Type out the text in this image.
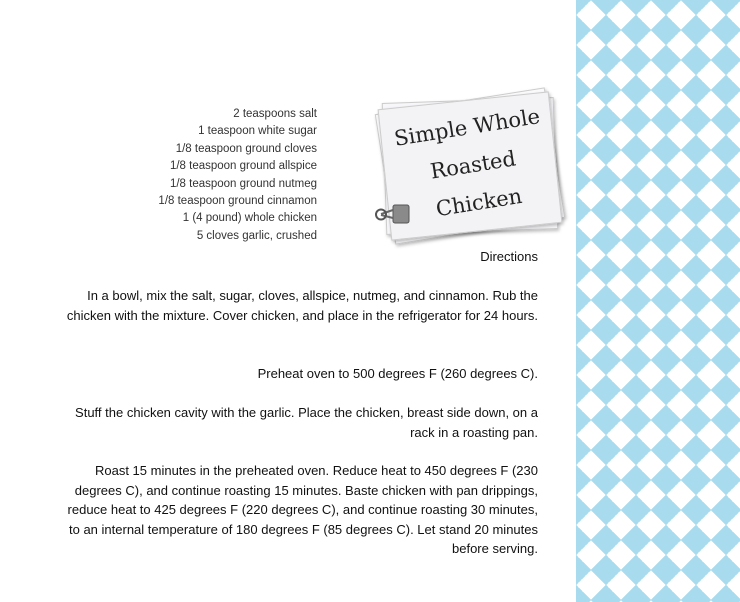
2 teaspoons salt
1 teaspoon white sugar
1/8 teaspoon ground cloves
1/8 teaspoon ground allspice
1/8 teaspoon ground nutmeg
1/8 teaspoon ground cinnamon
1 (4 pound) whole chicken
5 cloves garlic, crushed
Simple Whole
Roasted
Chicken
Directions
In a bowl, mix the salt, sugar, cloves, allspice, nutmeg, and cinnamon. Rub the chicken with the mixture. Cover chicken, and place in the refrigerator for 24 hours.
Preheat oven to 500 degrees F (260 degrees C).
Stuff the chicken cavity with the garlic. Place the chicken, breast side down, on a rack in a roasting pan.
Roast 15 minutes in the preheated oven. Reduce heat to 450 degrees F (230 degrees C), and continue roasting 15 minutes. Baste chicken with pan drippings, reduce heat to 425 degrees F (220 degrees C), and continue roasting 30 minutes, to an internal temperature of 180 degrees F (85 degrees C). Let stand 20 minutes before serving.
